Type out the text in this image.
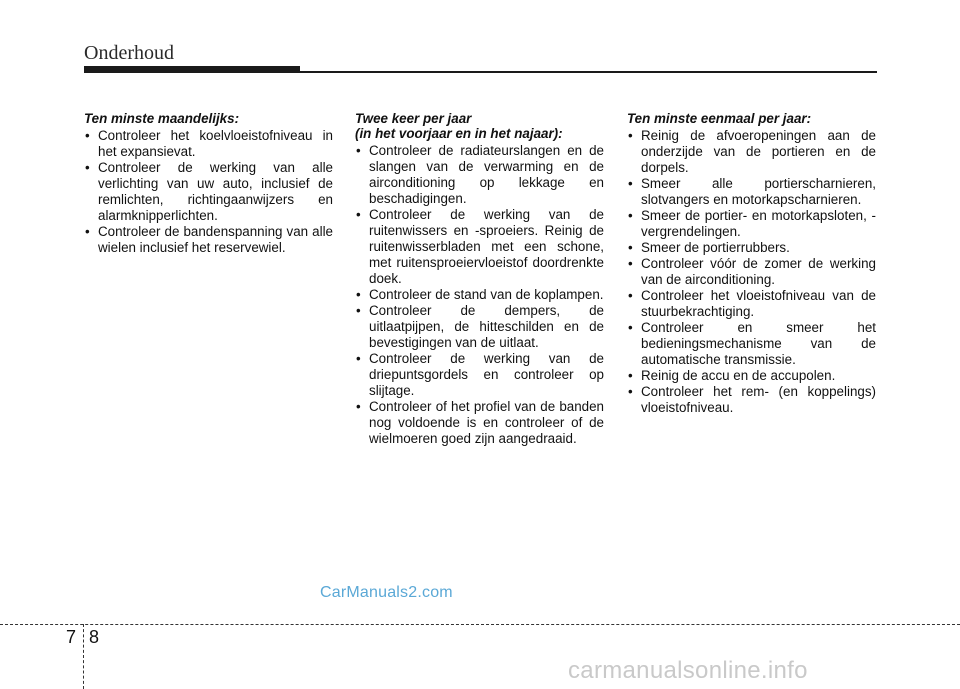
Onderhoud
Ten minste maandelijks:
• Controleer het koelvloeistofniveau in het expansievat.
• Controleer de werking van alle verlichting van uw auto, inclusief de remlichten, richtingaanwijzers en alarmknipperlichten.
• Controleer de bandenspanning van alle wielen inclusief het reservewiel.
Twee keer per jaar
(in het voorjaar en in het najaar):
• Controleer de radiateurslangen en de slangen van de verwarming en de airconditioning op lekkage en beschadigingen.
• Controleer de werking van de ruitenwissers en -sproeiers. Reinig de ruitenwisserbladen met een schone, met ruitensproeiervloeistof doordrenkte doek.
• Controleer de stand van de koplampen.
• Controleer de dempers, de uitlaatpijpen, de hitteschilden en de bevestigingen van de uitlaat.
• Controleer de werking van de driepuntsgordels en controleer op slijtage.
• Controleer of het profiel van de banden nog voldoende is en controleer of de wielmoeren goed zijn aangedraaid.
Ten minste eenmaal per jaar:
• Reinig de afvoeropeningen aan de onderzijde van de portieren en de dorpels.
• Smeer alle portierscharnieren, slotvangers en motorkapscharnieren.
• Smeer de portier- en motorkapsloten, -vergrendelingen.
• Smeer de portierrubbers.
• Controleer vóór de zomer de werking van de airconditioning.
• Controleer het vloeistofniveau van de stuurbekrachtiging.
• Controleer en smeer het bedieningsmechanisme van de automatische transmissie.
• Reinig de accu en de accupolen.
• Controleer het rem- (en koppelings) vloeistofniveau.
CarManuals2.com
7 8
carmanualsonline.info
